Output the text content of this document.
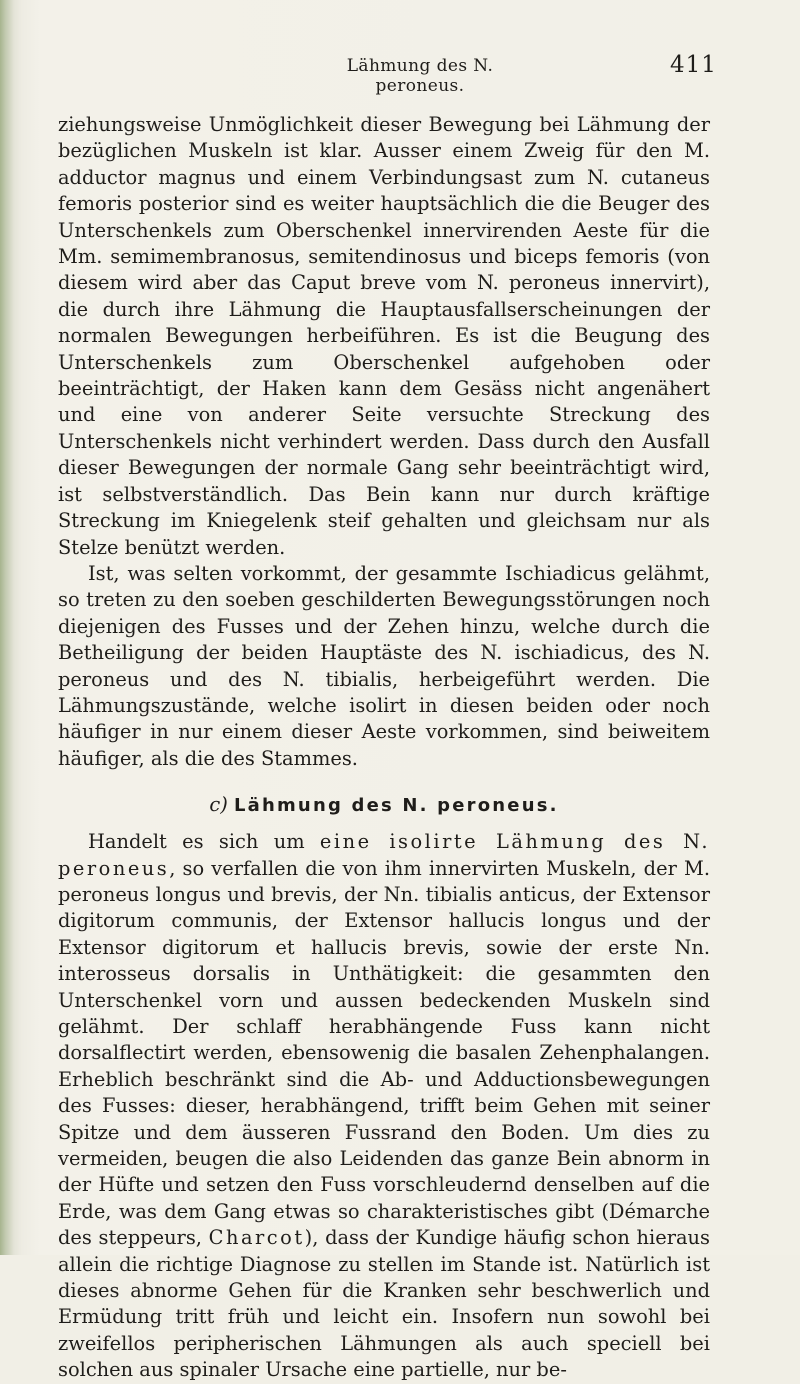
Lähmung des N. peroneus.
411

ziehungsweise Unmöglichkeit dieser Bewegung bei Lähmung der bezüglichen Muskeln ist klar. Ausser einem Zweig für den M. adductor magnus und einem Verbindungsast zum N. cutaneus femoris posterior sind es weiter hauptsächlich die die Beuger des Unterschenkels zum Oberschenkel innervirenden Aeste für die Mm. semimembranosus, semitendinosus und biceps femoris (von diesem wird aber das Caput breve vom N. peroneus innervirt), die durch ihre Lähmung die Hauptausfallserscheinungen der normalen Bewegungen herbeiführen. Es ist die Beugung des Unterschenkels zum Oberschenkel aufgehoben oder beeinträchtigt, der Haken kann dem Gesäss nicht angenähert und eine von anderer Seite versuchte Streckung des Unterschenkels nicht verhindert werden. Dass durch den Ausfall dieser Bewegungen der normale Gang sehr beeinträchtigt wird, ist selbstverständlich. Das Bein kann nur durch kräftige Streckung im Kniegelenk steif gehalten und gleichsam nur als Stelze benützt werden.

Ist, was selten vorkommt, der gesammte Ischiadicus gelähmt, so treten zu den soeben geschilderten Bewegungsstörungen noch diejenigen des Fusses und der Zehen hinzu, welche durch die Betheiligung der beiden Hauptäste des N. ischiadicus, des N. peroneus und des N. tibialis, herbeigeführt werden. Die Lähmungszustände, welche isolirt in diesen beiden oder noch häufiger in nur einem dieser Aeste vorkommen, sind beiweitem häufiger, als die des Stammes.

c) Lähmung des N. peroneus.

Handelt es sich um eine isolirte Lähmung des N. peroneus, so verfallen die von ihm innervirten Muskeln, der M. peroneus longus und brevis, der Nn. tibialis anticus, der Extensor digitorum communis, der Extensor hallucis longus und der Extensor digitorum et hallucis brevis, sowie der erste Nn. interosseus dorsalis in Unthätigkeit: die gesammten den Unterschenkel vorn und aussen bedeckenden Muskeln sind gelähmt. Der schlaff herabhängende Fuss kann nicht dorsalflectirt werden, ebensowenig die basalen Zehenphalangen. Erheblich beschränkt sind die Ab- und Adductionsbewegungen des Fusses: dieser, herabhängend, trifft beim Gehen mit seiner Spitze und dem äusseren Fussrand den Boden. Um dies zu vermeiden, beugen die also Leidenden das ganze Bein abnorm in der Hüfte und setzen den Fuss vorschleudernd denselben auf die Erde, was dem Gang etwas so charakteristisches gibt (Démarche des steppeurs, Charcot), dass der Kundige häufig schon hieraus allein die richtige Diagnose zu stellen im Stande ist. Natürlich ist dieses abnorme Gehen für die Kranken sehr beschwerlich und Ermüdung tritt früh und leicht ein. Insofern nun sowohl bei zweifellos peripherischen Lähmungen als auch speciell bei solchen aus spinaler Ursache eine partielle, nur be-
